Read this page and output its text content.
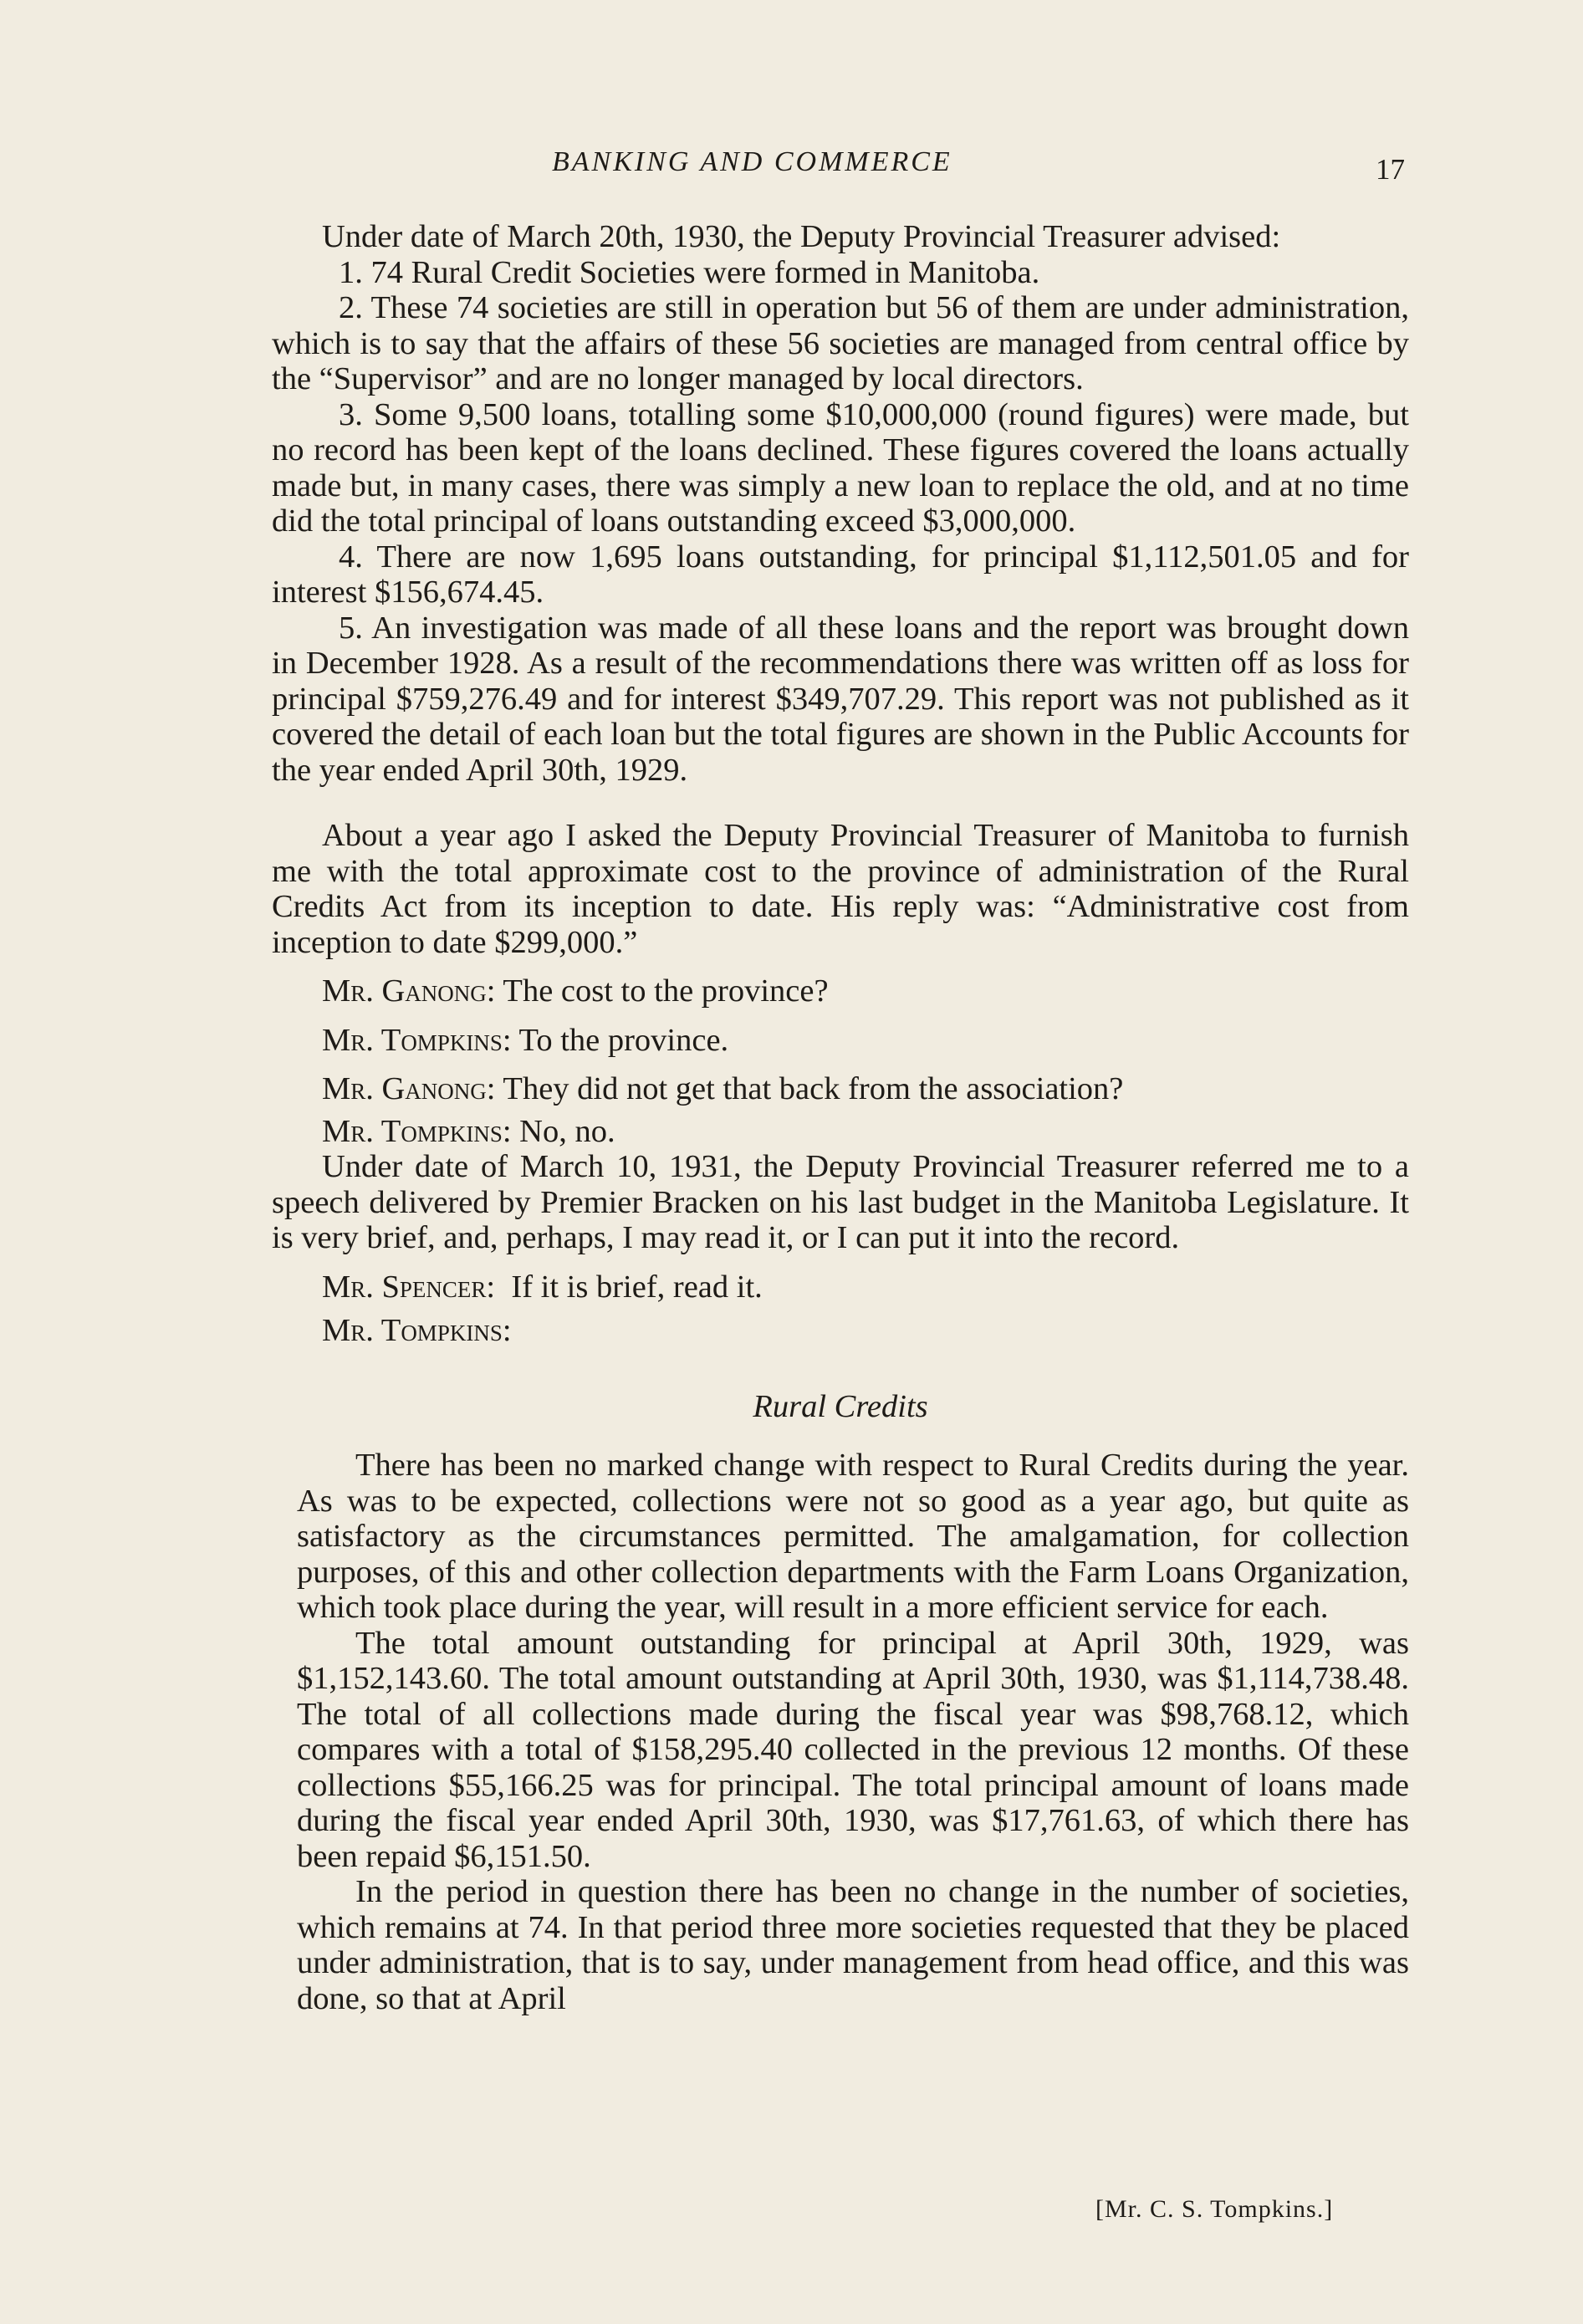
BANKING AND COMMERCE	17

Under date of March 20th, 1930, the Deputy Provincial Treasurer advised:

1. 74 Rural Credit Societies were formed in Manitoba.

2. These 74 societies are still in operation but 56 of them are under administration, which is to say that the affairs of these 56 societies are managed from central office by the “Supervisor” and are no longer managed by local directors.

3. Some 9,500 loans, totalling some $10,000,000 (round figures) were made, but no record has been kept of the loans declined. These figures covered the loans actually made but, in many cases, there was simply a new loan to replace the old, and at no time did the total principal of loans outstanding exceed $3,000,000.

4. There are now 1,695 loans outstanding, for principal $1,112,501.05 and for interest $156,674.45.

5. An investigation was made of all these loans and the report was brought down in December 1928. As a result of the recommendations there was written off as loss for principal $759,276.49 and for interest $349,707.29. This report was not published as it covered the detail of each loan but the total figures are shown in the Public Accounts for the year ended April 30th, 1929.

About a year ago I asked the Deputy Provincial Treasurer of Manitoba to furnish me with the total approximate cost to the province of administration of the Rural Credits Act from its inception to date. His reply was: “Administrative cost from inception to date $299,000.”

Mr. Ganong: The cost to the province?

Mr. Tompkins: To the province.

Mr. Ganong: They did not get that back from the association?

Mr. Tompkins: No, no.

Under date of March 10, 1931, the Deputy Provincial Treasurer referred me to a speech delivered by Premier Bracken on his last budget in the Manitoba Legislature. It is very brief, and, perhaps, I may read it, or I can put it into the record.

Mr. Spencer: If it is brief, read it.

Mr. Tompkins:

Rural Credits

There has been no marked change with respect to Rural Credits during the year. As was to be expected, collections were not so good as a year ago, but quite as satisfactory as the circumstances permitted. The amalgamation, for collection purposes, of this and other collection departments with the Farm Loans Organization, which took place during the year, will result in a more efficient service for each.

The total amount outstanding for principal at April 30th, 1929, was $1,152,143.60. The total amount outstanding at April 30th, 1930, was $1,114,738.48. The total of all collections made during the fiscal year was $98,768.12, which compares with a total of $158,295.40 collected in the previous 12 months. Of these collections $55,166.25 was for principal. The total principal amount of loans made during the fiscal year ended April 30th, 1930, was $17,761.63, of which there has been repaid $6,151.50.

In the period in question there has been no change in the number of societies, which remains at 74. In that period three more societies requested that they be placed under administration, that is to say, under management from head office, and this was done, so that at April

[Mr. C. S. Tompkins.]
